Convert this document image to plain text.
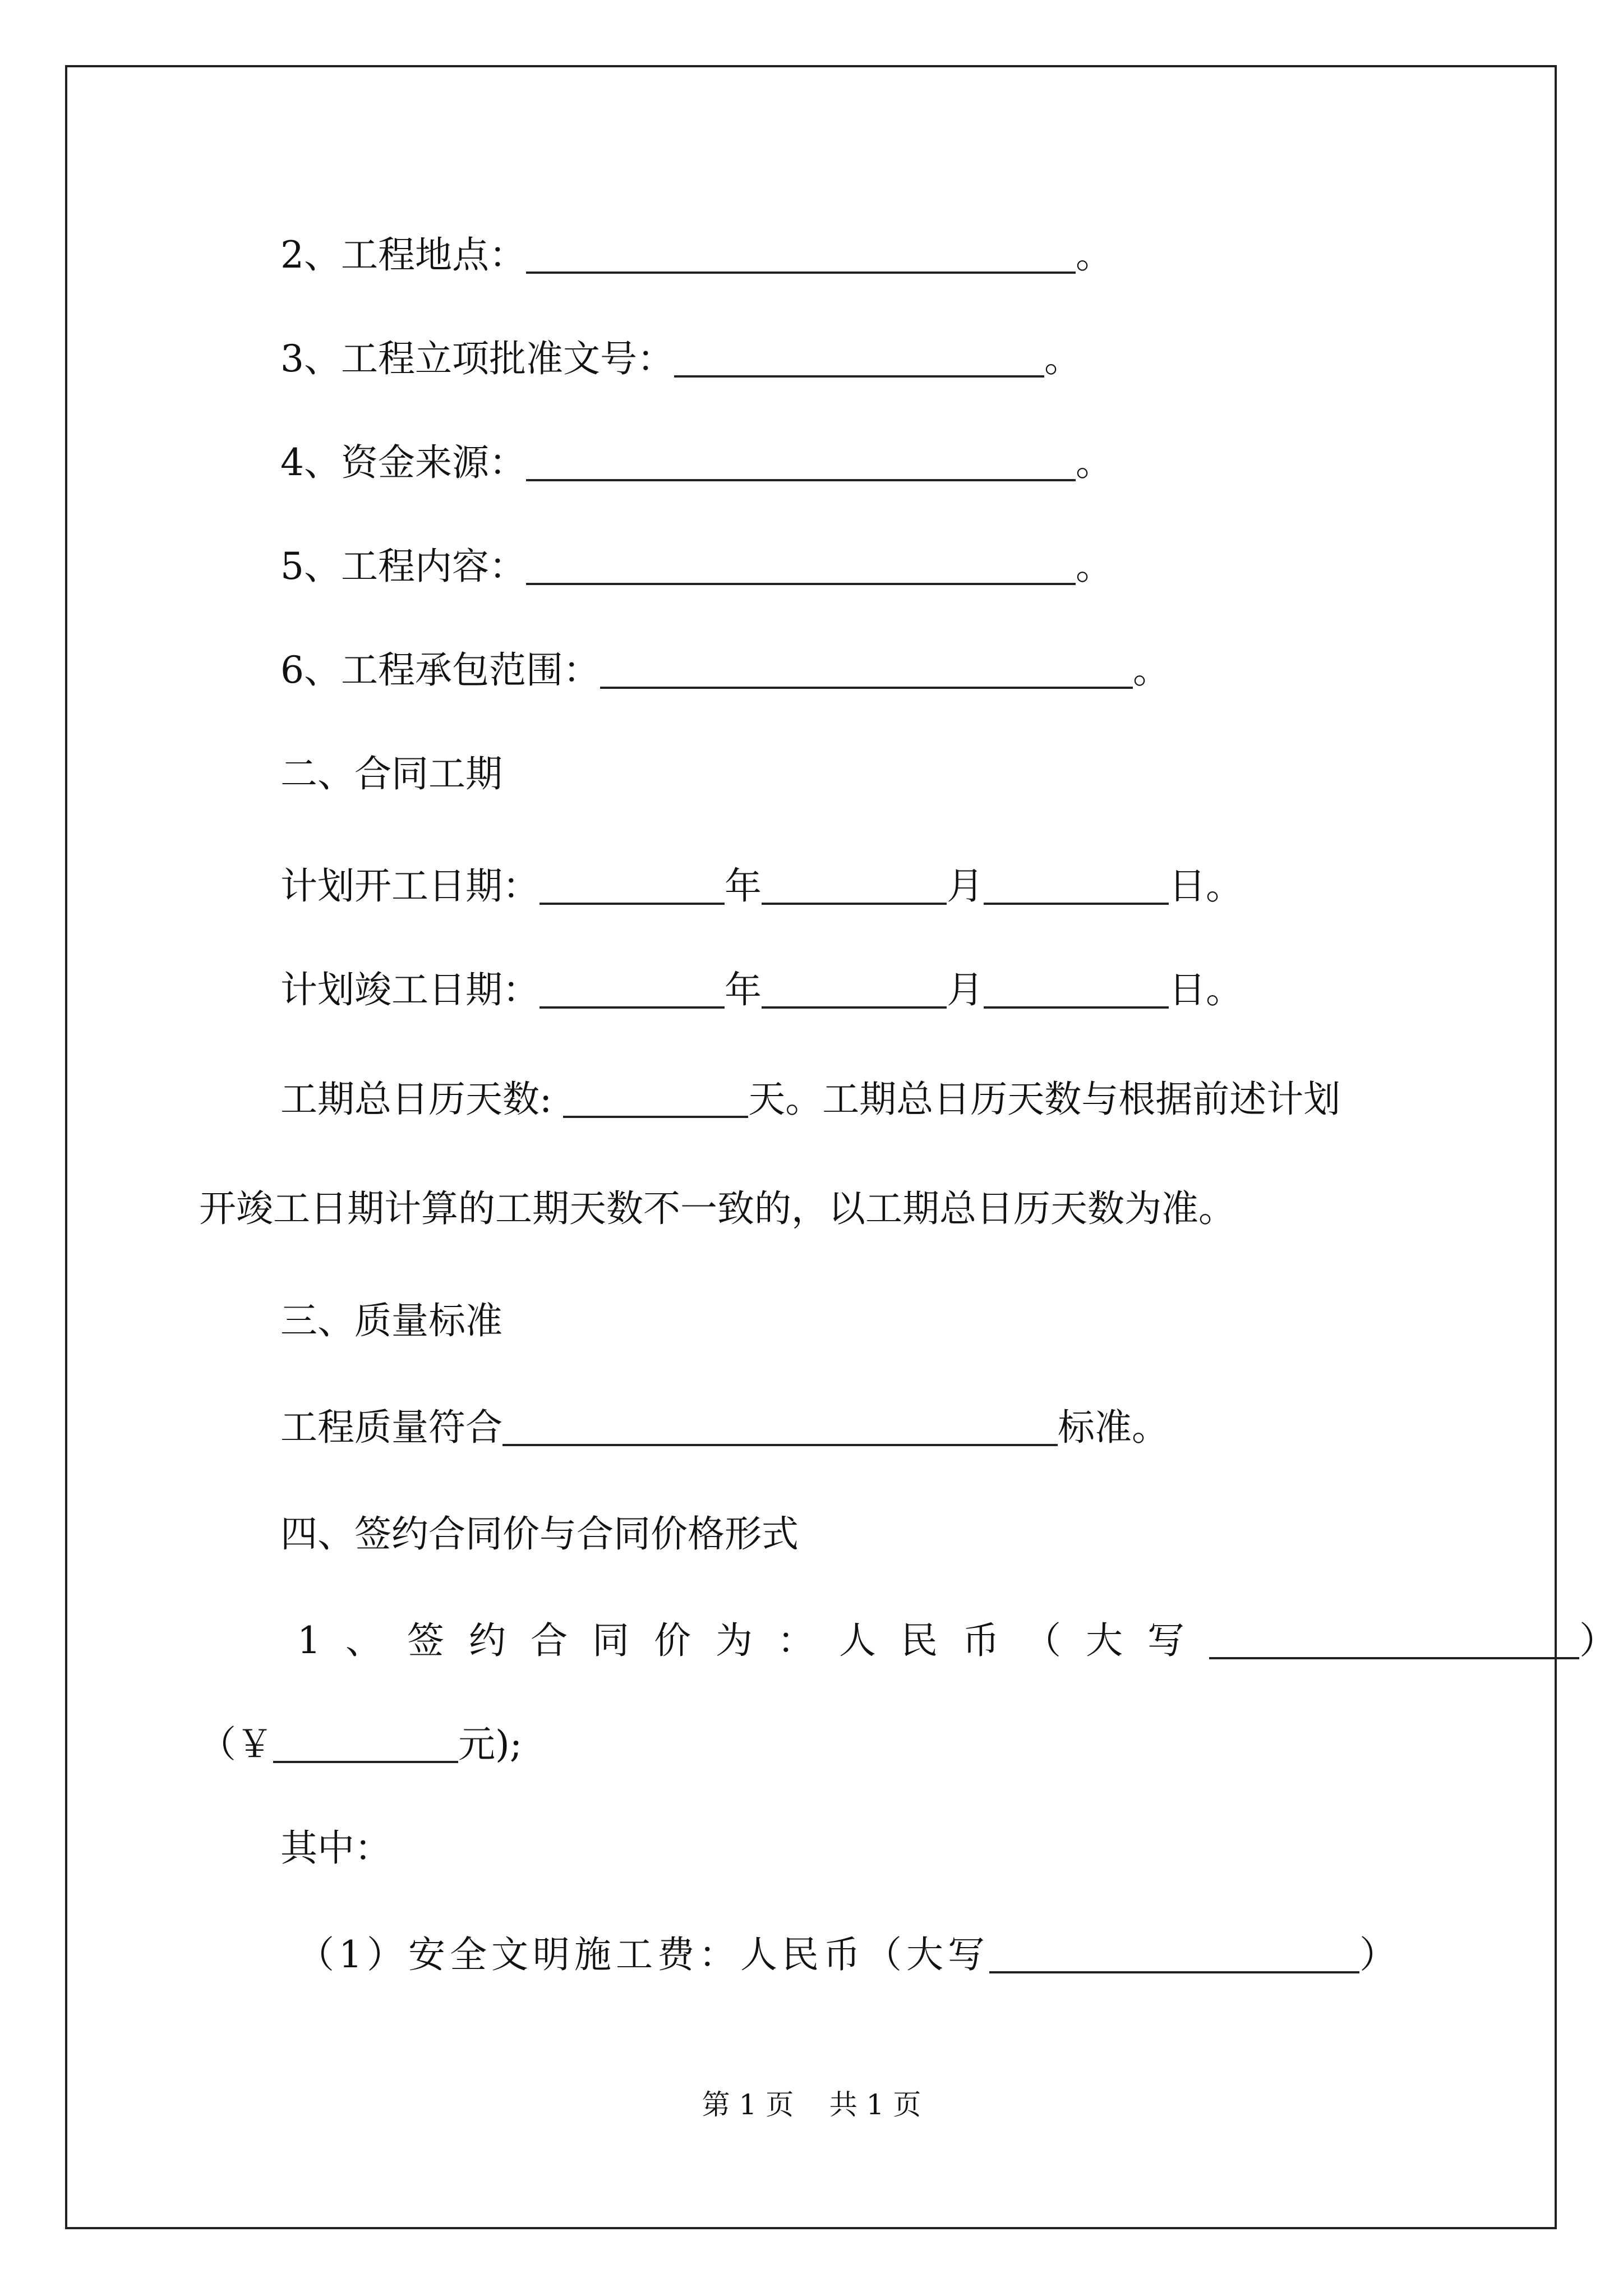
2、工程地点：	。
3、工程立项批准文号：	。
4、资金来源：	。
5、工程内容：	。
6、工程承包范围：	。
二、合同工期
计划开工日期：	年	月	日。
计划竣工日期：	年	月	日。
工期总日历天数:	天。工期总日历天数与根据前述计划
开竣工日期计算的工期天数不一致的，以工期总日历天数为准。
三、质量标准
工程质量符合	标准。
四、签约合同价与合同价格形式
1、签约合同价为：人民币（大写	）
（￥	元);
其中：
（1）安全文明施工费：人民币（大写	）
第 1 页    共 1 页
